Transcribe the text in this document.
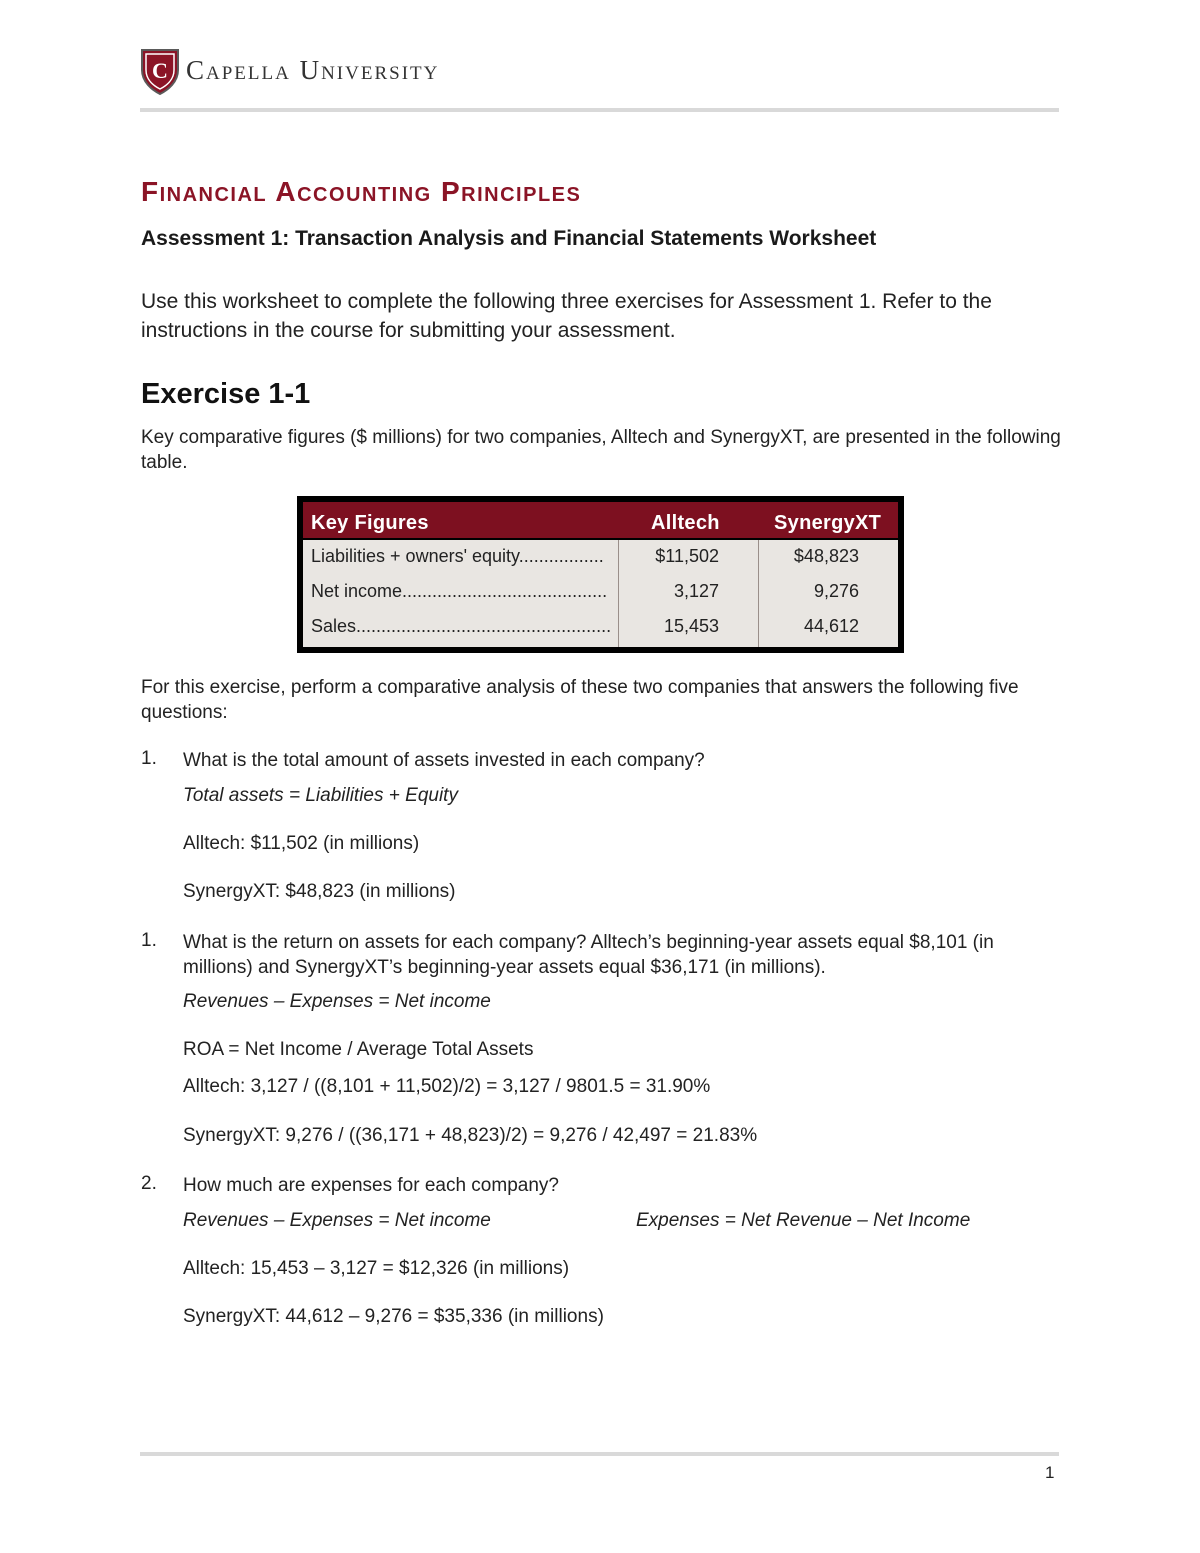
C Capella University
Financial Accounting Principles
Assessment 1: Transaction Analysis and Financial Statements Worksheet
Use this worksheet to complete the following three exercises for Assessment 1. Refer to the instructions in the course for submitting your assessment.
Exercise 1-1
Key comparative figures ($ millions) for two companies, Alltech and SynergyXT, are presented in the following table.
Key Figures	Alltech	SynergyXT
Liabilities + owners' equity.................	$11,502	$48,823
Net income.........................................	3,127	9,276
Sales...................................................	15,453	44,612
For this exercise, perform a comparative analysis of these two companies that answers the following five questions:
1. What is the total amount of assets invested in each company?
Total assets = Liabilities + Equity
Alltech: $11,502 (in millions)
SynergyXT: $48,823 (in millions)
1. What is the return on assets for each company? Alltech’s beginning-year assets equal $8,101 (in millions) and SynergyXT’s beginning-year assets equal $36,171 (in millions).
Revenues – Expenses = Net income
ROA = Net Income / Average Total Assets
Alltech: 3,127 / ((8,101 + 11,502)/2) = 3,127 / 9801.5 = 31.90%
SynergyXT: 9,276 / ((36,171 + 48,823)/2) = 9,276 / 42,497 = 21.83%
2. How much are expenses for each company?
Revenues – Expenses = Net income	Expenses = Net Revenue – Net Income
Alltech: 15,453 – 3,127 = $12,326 (in millions)
SynergyXT: 44,612 – 9,276 = $35,336 (in millions)
1
